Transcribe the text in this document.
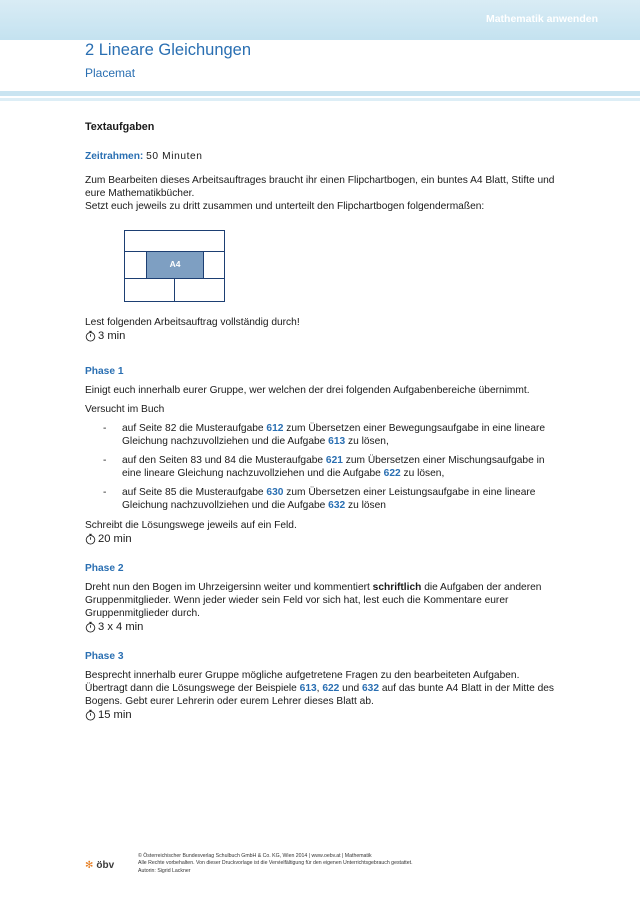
Mathematik anwenden
2 Lineare Gleichungen
Placemat
Textaufgaben
Zeitrahmen: 50 Minuten
Zum Bearbeiten dieses Arbeitsauftrages braucht ihr einen Flipchartbogen, ein buntes A4 Blatt, Stifte und
eure Mathematikbücher.
Setzt euch jeweils zu dritt zusammen und unterteilt den Flipchartbogen folgendermaßen:
A4
Lest folgenden Arbeitsauftrag vollständig durch!
3 min
Phase 1
Einigt euch innerhalb eurer Gruppe, wer welchen der drei folgenden Aufgabenbereiche übernimmt.
Versucht im Buch
- auf Seite 82 die Musteraufgabe 612 zum Übersetzen einer Bewegungsaufgabe in eine lineare
Gleichung nachzuvollziehen und die Aufgabe 613 zu lösen,
- auf den Seiten 83 und 84 die Musteraufgabe 621 zum Übersetzen einer Mischungsaufgabe in
eine lineare Gleichung nachzuvollziehen und die Aufgabe 622 zu lösen,
- auf Seite 85 die Musteraufgabe 630 zum Übersetzen einer Leistungsaufgabe in eine lineare
Gleichung nachzuvollziehen und die Aufgabe 632 zu lösen
Schreibt die Lösungswege jeweils auf ein Feld.
20 min
Phase 2
Dreht nun den Bogen im Uhrzeigersinn weiter und kommentiert schriftlich die Aufgaben der anderen
Gruppenmitglieder. Wenn jeder wieder sein Feld vor sich hat, lest euch die Kommentare eurer
Gruppenmitglieder durch.
3 x 4 min
Phase 3
Besprecht innerhalb eurer Gruppe mögliche aufgetretene Fragen zu den bearbeiteten Aufgaben.
Übertragt dann die Lösungswege der Beispiele 613, 622 und 632 auf das bunte A4 Blatt in der Mitte des
Bogens. Gebt eurer Lehrerin oder eurem Lehrer dieses Blatt ab.
15 min
✻ öbv
© Österreichischer Bundesverlag Schulbuch GmbH & Co. KG, Wien 2014 | www.oebv.at | Mathematik
Alle Rechte vorbehalten. Von dieser Druckvorlage ist die Vervielfältigung für den eigenen Unterrichtsgebrauch gestattet.
Autorin: Sigrid Lackner
